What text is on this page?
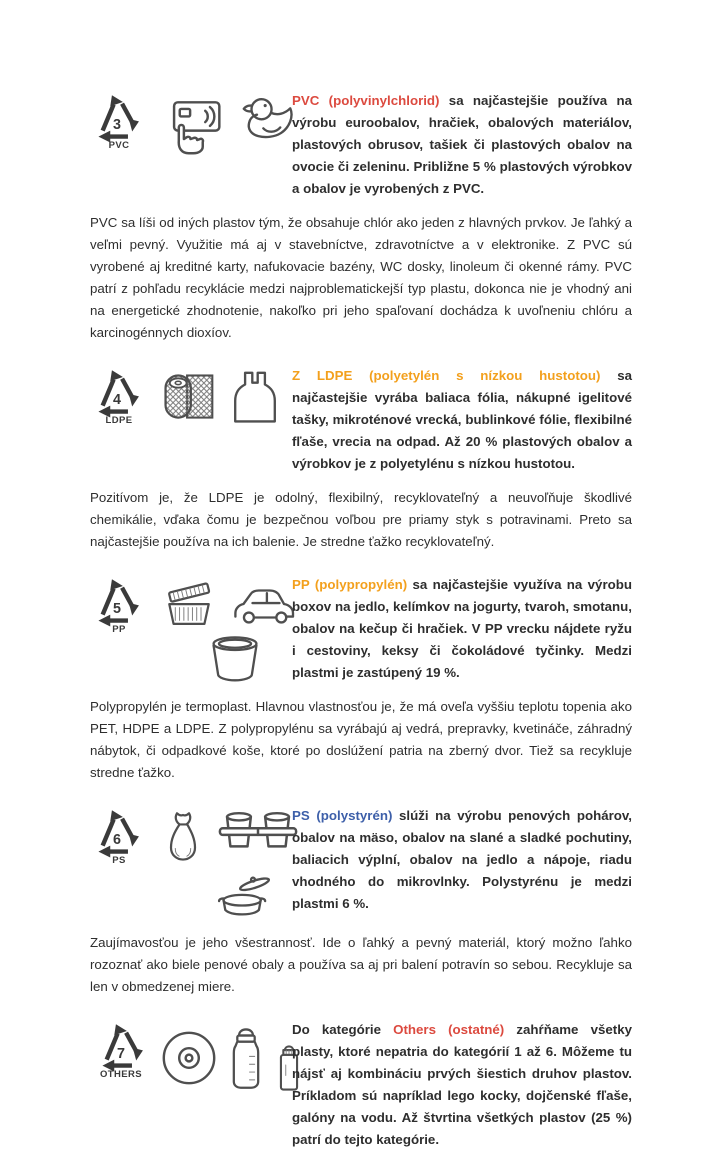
3
PVC

PVC (polyvinylchlorid) sa najčastejšie používa na výrobu euroobalov, hračiek, obalových materiálov, plastových obrusov, tašiek či plastových obalov na ovocie či zeleninu. Približne 5 % plastových výrobkov a obalov je vyrobených z PVC.

PVC sa líši od iných plastov tým, že obsahuje chlór ako jeden z hlavných prvkov. Je ľahký a veľmi pevný. Využitie má aj v stavebníctve, zdravotníctve a v elektronike. Z PVC sú vyrobené aj kreditné karty, nafukovacie bazény, WC dosky, linoleum či okenné rámy. PVC patrí z pohľadu recyklácie medzi najproblematickejší typ plastu, dokonca nie je vhodný ani na energetické zhodnotenie, nakoľko pri jeho spaľovaní dochádza k uvoľneniu chlóru a karcinogénnych dioxíov.

4
LDPE

Z LDPE (polyetylén s nízkou hustotou) sa najčastejšie vyrába baliaca fólia, nákupné igelitové tašky, mikroténové vrecká, bublinkové fólie, flexibilné fľaše, vrecia na odpad. Až 20 % plastových obalov a výrobkov je z polyetylénu s nízkou hustotou.

Pozitívom je, že LDPE je odolný, flexibilný, recyklovateľný a neuvoľňuje škodlivé chemikálie, vďaka čomu je bezpečnou voľbou pre priamy styk s potravinami. Preto sa najčastejšie používa na ich balenie. Je stredne ťažko recyklovateľný.

5
PP

PP (polypropylén) sa najčastejšie využíva na výrobu boxov na jedlo, kelímkov na jogurty, tvaroh, smotanu, obalov na kečup či hračiek. V PP vrecku nájdete ryžu i cestoviny, keksy či čokoládové tyčinky. Medzi plastmi je zastúpený 19 %.

Polypropylén je termoplast. Hlavnou vlastnosťou je, že má oveľa vyššiu teplotu topenia ako PET, HDPE a LDPE. Z polypropylénu sa vyrábajú aj vedrá, prepravky, kvetináče, záhradný nábytok, či odpadkové koše, ktoré po doslúžení patria na zberný dvor. Tiež sa recykluje stredne ťažko.

6
PS

PS (polystyrén) slúži na výrobu penových pohárov, obalov na mäso, obalov na slané a sladké pochutiny, baliacich výplní, obalov na jedlo a nápoje, riadu vhodného do mikrovlnky. Polystyrénu je medzi plastmi 6 %.

Zaujímavosťou je jeho všestrannosť. Ide o ľahký a pevný materiál, ktorý možno ľahko rozoznať ako biele penové obaly a používa sa aj pri balení potravín so sebou. Recykluje sa len v obmedzenej miere.

7
OTHERS

Do kategórie Others (ostatné) zahŕňame všetky plasty, ktoré nepatria do kategórií 1 až 6. Môžeme tu nájsť aj kombináciu prvých šiestich druhov plastov. Príkladom sú napríklad lego kocky, dojčenské fľaše, galóny na vodu. Až štvrtina všetkých plastov (25 %) patrí do tejto kategórie.
